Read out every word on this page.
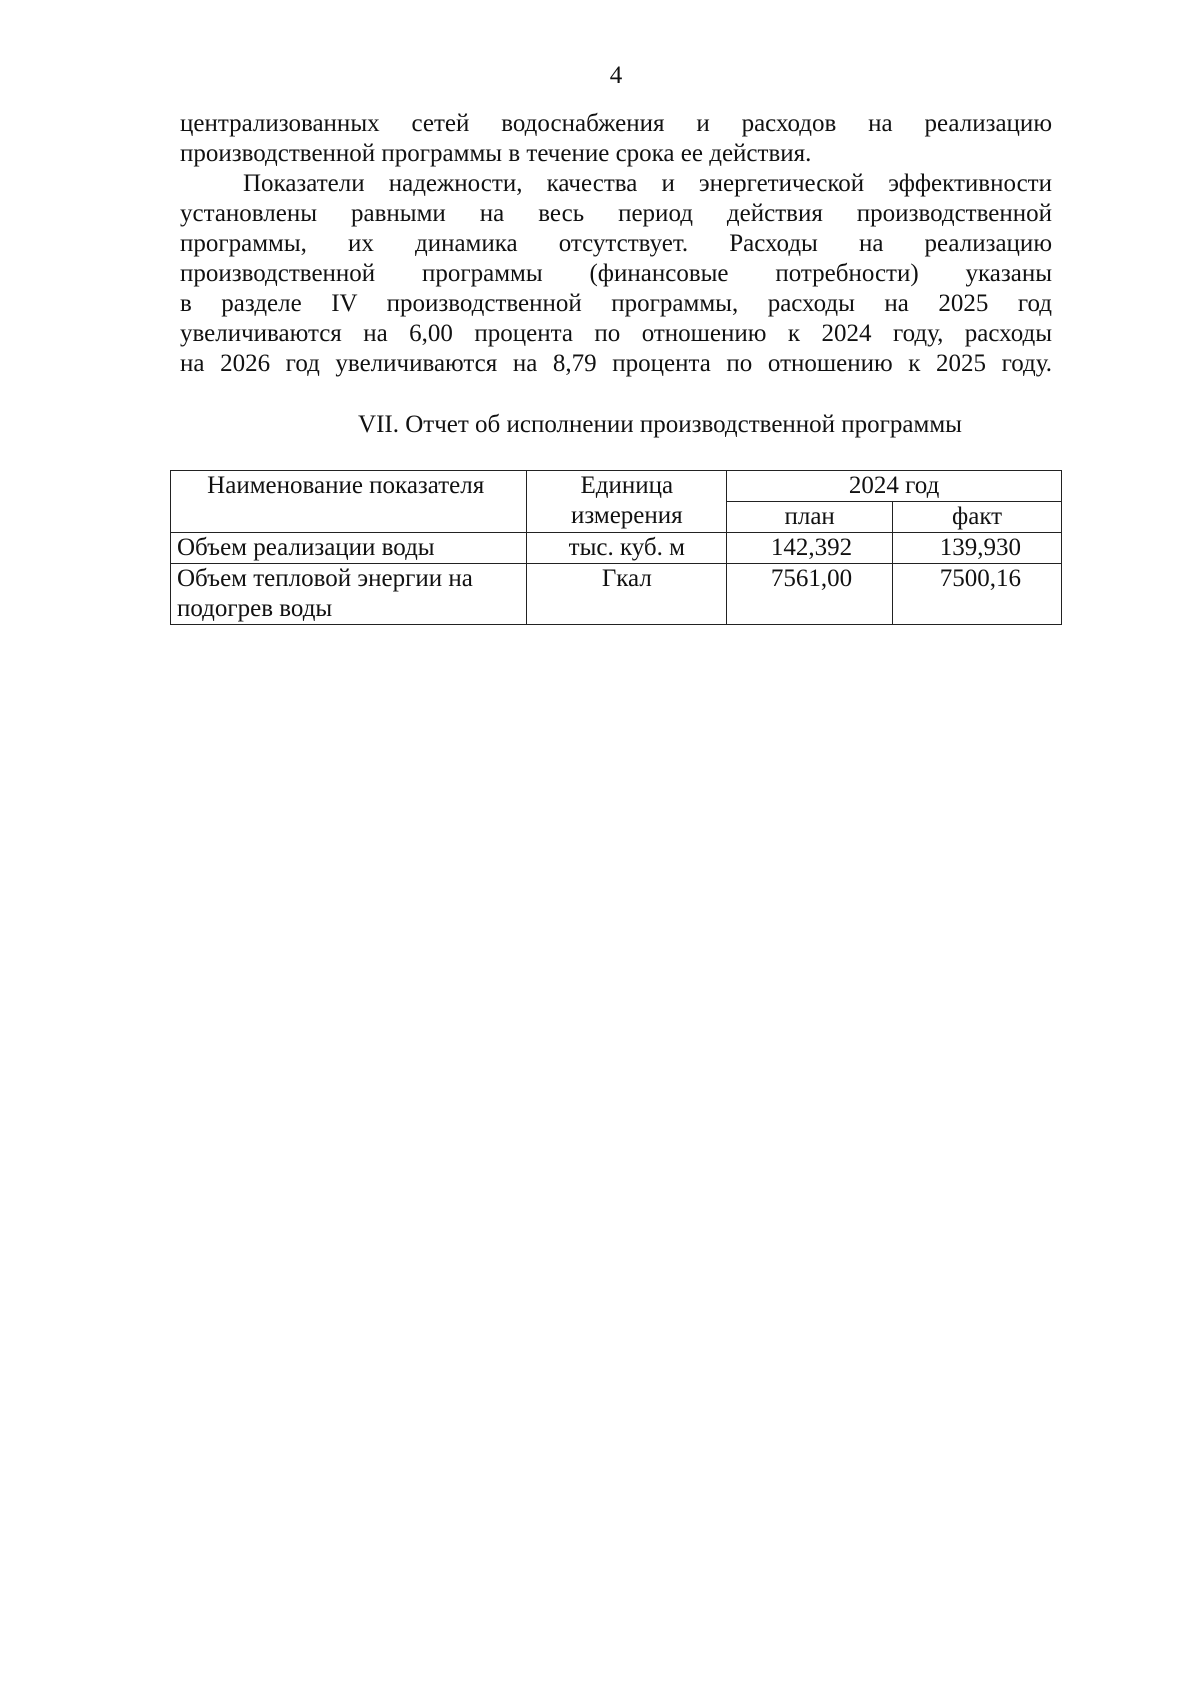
4
централизованных сетей водоснабжения и расходов на реализацию
производственной программы в течение срока ее действия.
Показатели надежности, качества и энергетической эффективности
установлены равными на весь период действия производственной
программы, их динамика отсутствует. Расходы на реализацию
производственной программы (финансовые потребности) указаны
в разделе IV производственной программы, расходы на 2025 год
увеличиваются на 6,00 процента по отношению к 2024 году, расходы
на 2026 год увеличиваются на 8,79 процента по отношению к 2025 году.
VII. Отчет об исполнении производственной программы
Наименование показателя	Единица измерения	2024 год	
		план	факт
Объем реализации воды	тыс. куб. м	142,392	139,930
Объем тепловой энергии на подогрев воды	Гкал	7561,00	7500,16
